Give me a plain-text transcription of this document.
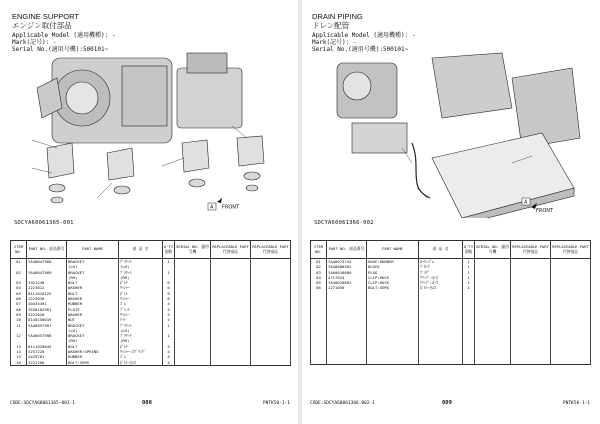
ENGINE SUPPORT
エンジン取付部品
Applicable Model (適用機種): -
Mark(記号): -
Serial No.(適用号機):500101~
A FRONT
SDCYA60061365-001
ITEM NO.	PART NO. 部品番号	PART NAME	部 品 名	Q'TY 個数	SERIAL NO. 適用号機	REPLACEABLE PART 代替部品	REPLACEABLE PART 代替部品
01	YA40047988	BRACKET	ﾌﾞﾗｹｯﾄ	1			
		(LH)	(LH)				
02	YA40047989	BRACKET	ﾌﾞﾗｹｯﾄ	1			
		(RH)	(RH)				
03	J921240	BOLT	ﾎﾞﾙﾄ	6			
04	J223012	WASHER	ﾜｯｼｬｰ	6			
05	0111610125	BOLT	ﾎﾞﾙﾄ	8			
06	J223016	WASHER	ﾜｯｼｬｰ	8			
07	40434491	RUBBER	ｺﾞﾑ	4			
08	Y630102561	PLATE	ﾌﾟﾚｰﾄ	4			
09	J222020	WASHER	ﾜｯｼｬｰ	4			
10	0140150016	NUT	ﾅｯﾄ	4			
11	YA40057997	BRACKET	ﾌﾞﾗｹｯﾄ	1			
		(LH)	(LH)				
12	YA40057998	BRACKET	ﾌﾞﾗｹｯﾄ	1			
		(RH)	(RH)				
13	0111620845	BOLT	ﾎﾞﾙﾄ	4			
14	J257220	WASHER:SPRING	ﾜｯｼｬｰ:ｽﾌﾟﾘﾝｸﾞ	4			
15	4429781	RUBBER	ｺﾞﾑ	4			
16	J221200	BOLT:SEMS	ﾎﾞﾙﾄ:ｾﾑｽ	4			
CODE:SDCYA60061365-001-1	008	PNTK50-1-1
DRAIN PIPING
ドレン配管
Applicable Model (適用機種): -
Mark(記号): -
Serial No.(適用号機):500101~
A
FRONT
SDCYA60061366-002
ITEM NO.	PART NO. 部品番号	PART NAME	部 品 名	Q'TY 個数	SERIAL NO. 適用号機	REPLACEABLE PART 代替部品	REPLACEABLE PART 代替部品
01	YA40073742	HOSE:RUBBER	ﾎｰｽ:ｺﾞﾑ	1			
02	YA40008562	BLOCK	ﾌﾞﾛｯｸ	1			
03	YA60016680	PLUG	ﾌﾟﾗｸﾞ	1			
04	4717624	CLIP:HOSE	ｸﾘｯﾌﾟ:ﾎｰｽ	1			
05	YA40016692	CLIP:HOSE	ｸﾘｯﾌﾟ:ﾎｰｽ	1			
06	J271050	BOLT:SEMS	ﾎﾞﾙﾄ:ｾﾑｽ	2			

CODE:SDCYA60061366-002-1	009	PNTK50-1-1
